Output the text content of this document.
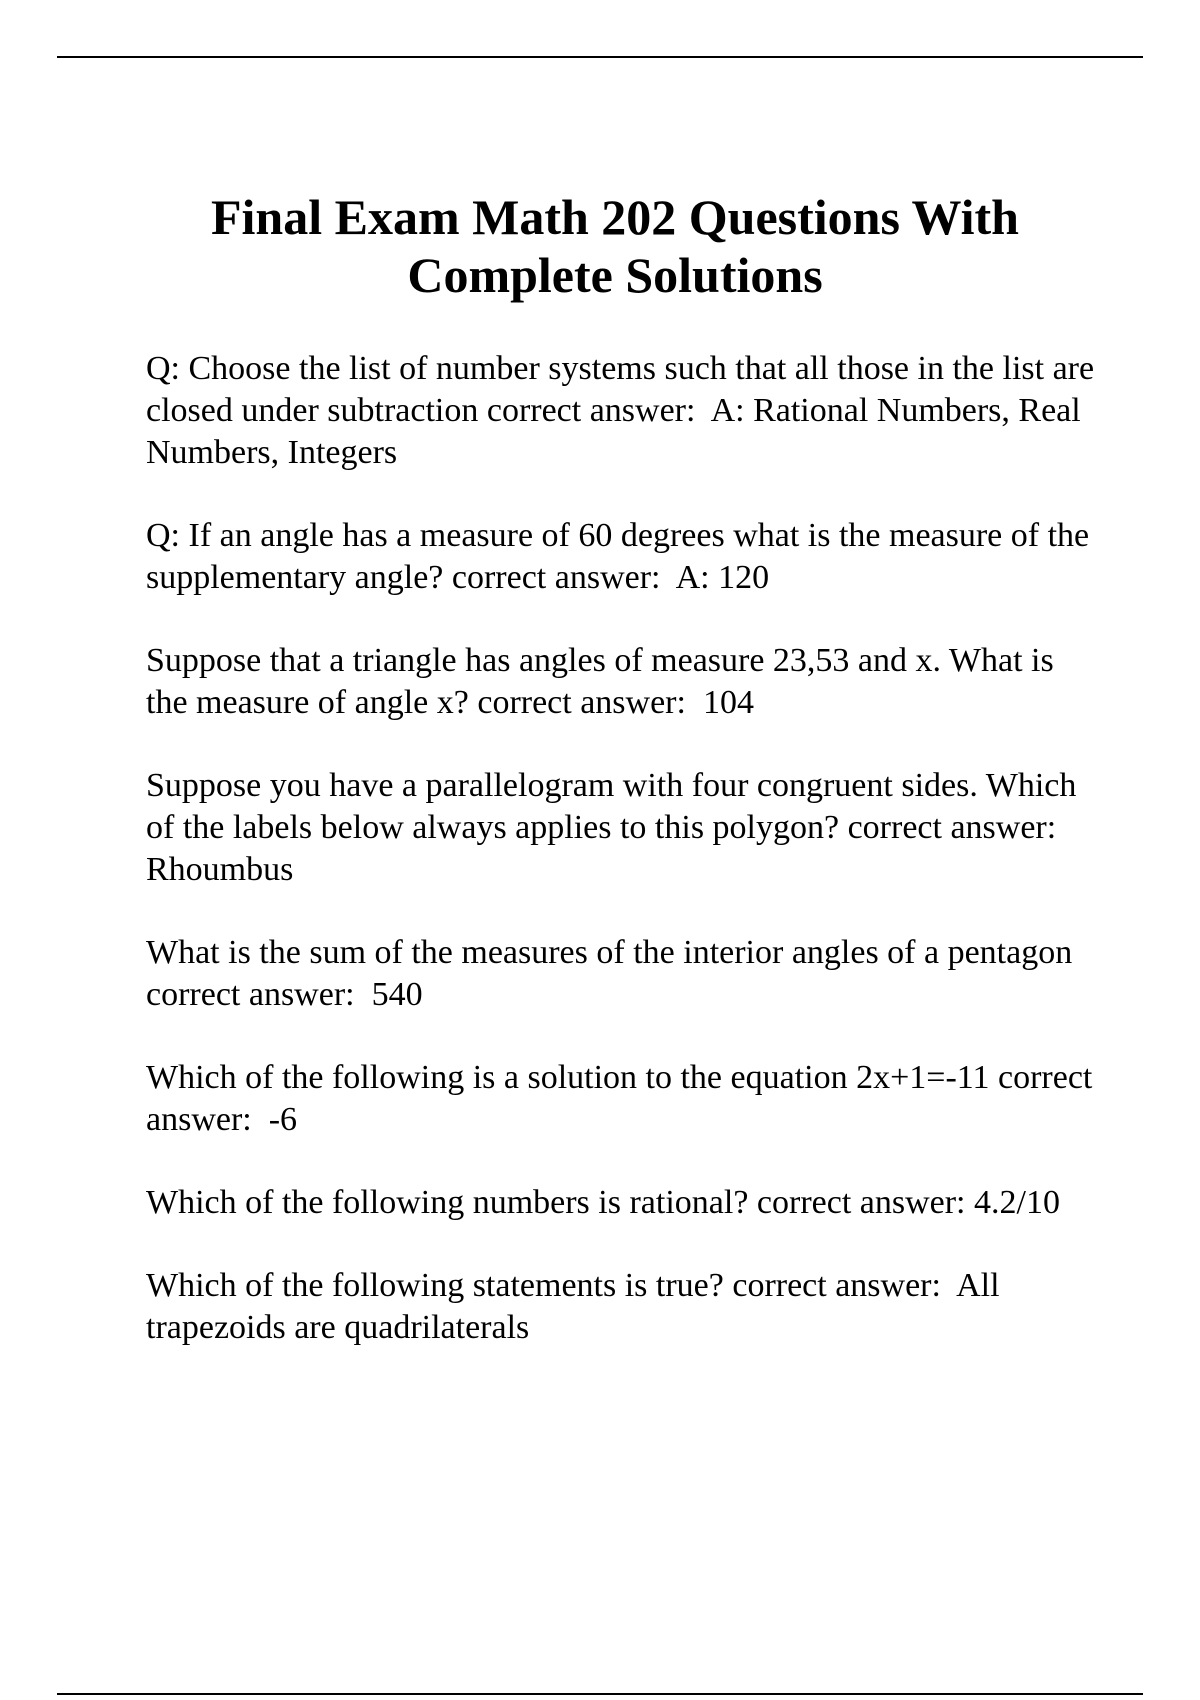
Final Exam Math 202 Questions With Complete Solutions
Q: Choose the list of number systems such that all those in the list are closed under subtraction correct answer:  A: Rational Numbers, Real Numbers, Integers
Q: If an angle has a measure of 60 degrees what is the measure of the supplementary angle? correct answer:  A: 120
Suppose that a triangle has angles of measure 23,53 and x. What is the measure of angle x? correct answer:  104
Suppose you have a parallelogram with four congruent sides. Which of the labels below always applies to this polygon? correct answer:  Rhoumbus
What is the sum of the measures of the interior angles of a pentagon correct answer:  540
Which of the following is a solution to the equation 2x+1=-11 correct answer:  -6
Which of the following numbers is rational? correct answer: 4.2/10
Which of the following statements is true? correct answer:  All trapezoids are quadrilaterals
